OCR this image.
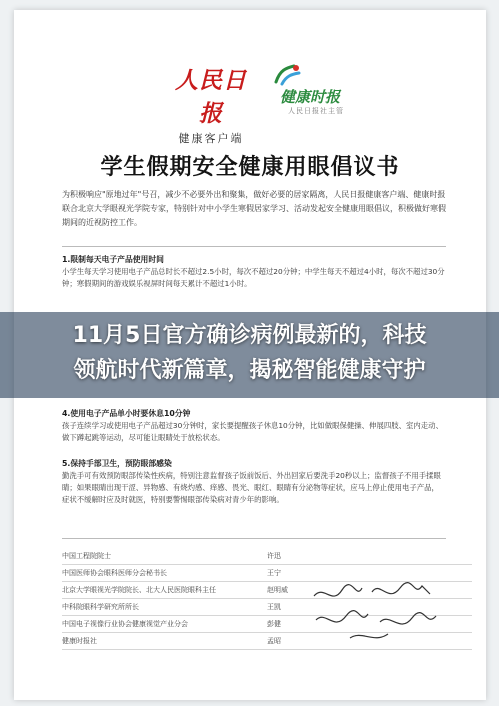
人民日报
健康客户端
健康时报
人民日报社主管
学生假期安全健康用眼倡议书
为积极响应"原地过年"号召，减少不必要外出和聚集，做好必要的居家隔离，人民日报健康客户端、健康时报联合北京大学眼视光学院专家，特别针对中小学生寒假居家学习、活动发起安全健康用眼倡议，积极做好寒假期间的近视防控工作。
1.限制每天电子产品使用时间
小学生每天学习使用电子产品总时长不超过2.5小时，每次不超过20分钟；中学生每天不超过4小时，每次不超过30分钟；寒假期间的游戏娱乐视屏时间每天累计不超过1小时。
4.使用电子产品单小时要休息10分钟
孩子连续学习或使用电子产品超过30分钟时，家长要提醒孩子休息10分钟，比如做眼保健操、伸展四肢、室内走动、做下蹲起跳等运动，尽可能让眼睛处于放松状态。
5.保持手部卫生，预防眼部感染
勤洗手可有效预防眼部传染性疾病，特别注意监督孩子饭前饭后、外出回家后要洗手20秒以上；监督孩子不用手揉眼睛；如果眼睛出现干涩、异物感、有烧灼感、痒感、畏光、眼红、眼睛有分泌物等症状，应马上停止使用电子产品，症状不缓解时应及时就医，特别要警惕眼部传染病对青少年的影响。
中国工程院院士	许迅
中国医师协会眼科医师分会秘书长	王宁
北京大学眼视光学院院长、北大人民医院眼科主任	赵明威
中科院眼科学研究所所长	王凯
中国电子视像行业协会健康视觉产业分会	彭健
健康时报社	孟昭
11月5日官方确诊病例最新的，科技
领航时代新篇章，揭秘智能健康守护
